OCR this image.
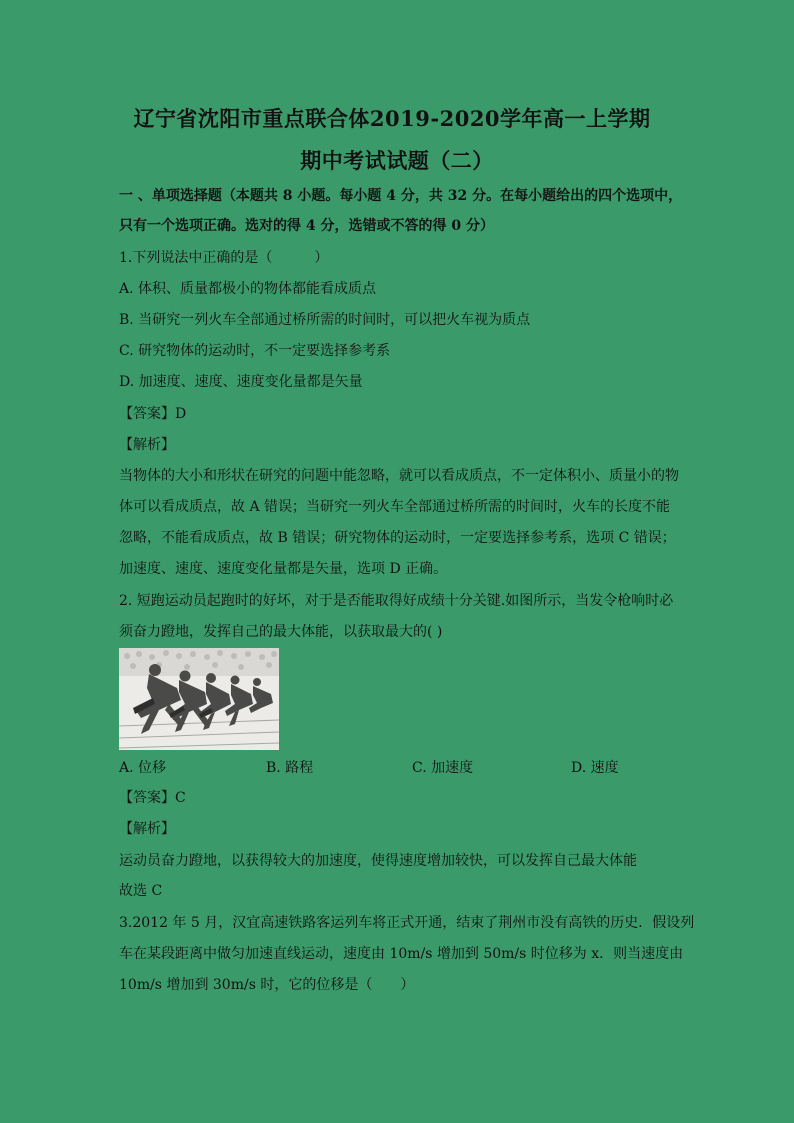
辽宁省沈阳市重点联合体2019-2020学年高一上学期
期中考试试题（二）
一 、单项选择题（本题共 8 小题。每小题 4 分，共 32 分。在每小题给出的四个选项中，
只有一个选项正确。选对的得 4 分，选错或不答的得 0 分）
1.下列说法中正确的是（　　　）
A. 体积、质量都极小的物体都能看成质点
B. 当研究一列火车全部通过桥所需的时间时，可以把火车视为质点
C. 研究物体的运动时，不一定要选择参考系
D. 加速度、速度、速度变化量都是矢量
【答案】D
【解析】
当物体的大小和形状在研究的问题中能忽略，就可以看成质点，不一定体积小、质量小的物
体可以看成质点，故 A 错误；当研究一列火车全部通过桥所需的时间时，火车的长度不能
忽略，不能看成质点，故 B 错误；研究物体的运动时，一定要选择参考系，选项 C 错误；
加速度、速度、速度变化量都是矢量，选项 D 正确。
2. 短跑运动员起跑时的好坏，对于是否能取得好成绩十分关键.如图所示，当发令枪响时必
须奋力蹬地，发挥自己的最大体能，以获取最大的( )
A. 位移	B. 路程	C. 加速度	D. 速度
【答案】C
【解析】
运动员奋力蹬地，以获得较大的加速度，使得速度增加较快，可以发挥自己最大体能
故选 C
3.2012 年 5 月，汉宜高速铁路客运列车将正式开通，结束了荆州市没有高铁的历史．假设列
车在某段距离中做匀加速直线运动，速度由 10m/s 增加到 50m/s 时位移为 x．则当速度由
10m/s 增加到 30m/s 时，它的位移是（　　）
